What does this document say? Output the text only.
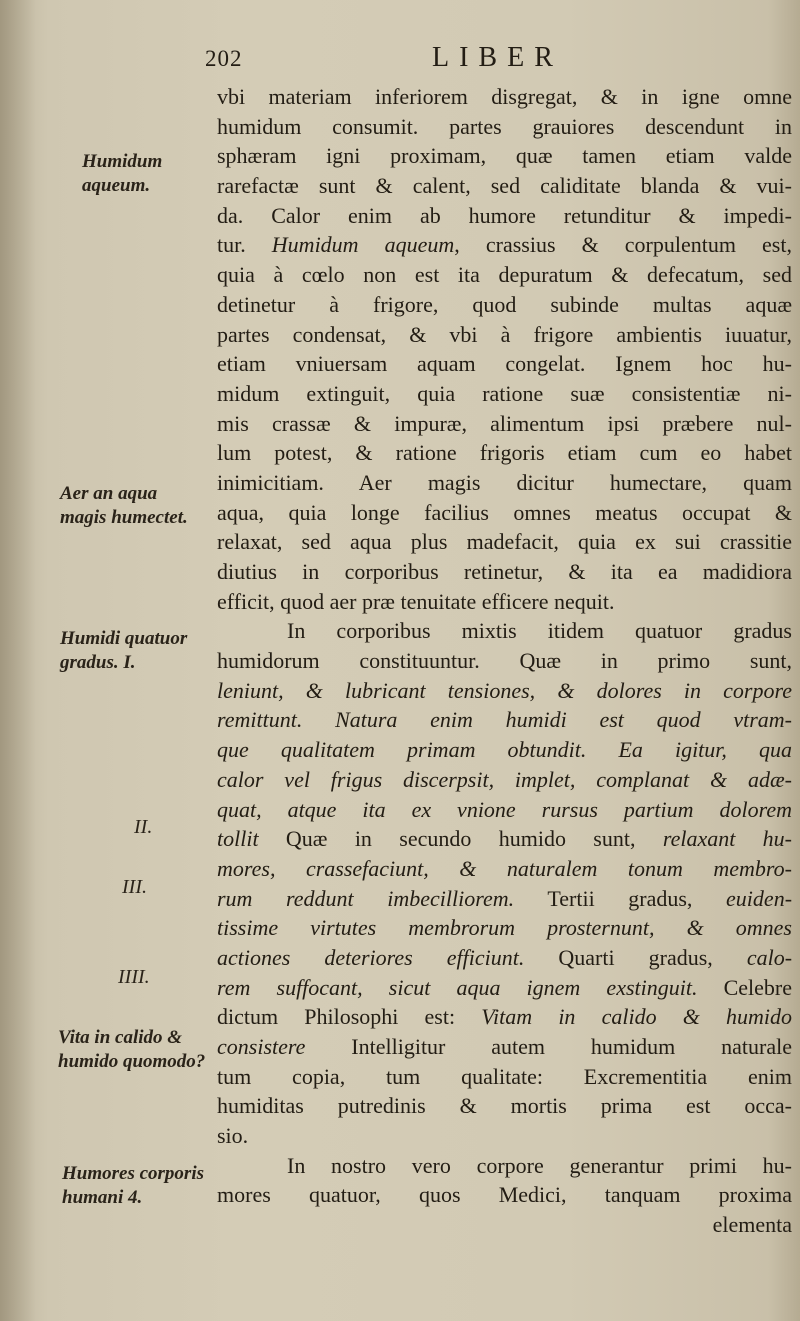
202	LIBER
Humidum aqueum.
Aer an aqua magis humectet.
Humidi quatuor gradus. I.
II.
III.
IIII.
Vita in calido & humido quomodo?
Humores corporis humani 4.
vbi materiam inferiorem disgregat, & in igne omne
humidum consumit. partes grauiores descendunt in
sphæram igni proximam, quæ tamen etiam valde
rarefactæ sunt & calent, sed caliditate blanda & vui-
da. Calor enim ab humore retunditur & impedi-
tur. Humidum aqueum, crassius & corpulentum est,
quia à cœlo non est ita depuratum & defecatum, sed
detinetur à frigore, quod subinde multas aquæ
partes condensat, & vbi à frigore ambientis iuuatur,
etiam vniuersam aquam congelat. Ignem hoc hu-
midum extinguit, quia ratione suæ consistentiæ ni-
mis crassæ & impuræ, alimentum ipsi præbere nul-
lum potest, & ratione frigoris etiam cum eo habet
inimicitiam. Aer magis dicitur humectare, quam
aqua, quia longe facilius omnes meatus occupat &
relaxat, sed aqua plus madefacit, quia ex sui crassitie
diutius in corporibus retinetur, & ita ea madidiora
efficit, quod aer præ tenuitate efficere nequit.
In corporibus mixtis itidem quatuor gradus
humidorum constituuntur. Quæ in primo sunt,
leniunt, & lubricant tensiones, & dolores in corpore
remittunt. Natura enim humidi est quod vtram-
que qualitatem primam obtundit. Ea igitur, qua
calor vel frigus discerpsit, implet, complanat & adæ-
quat, atque ita ex vnione rursus partium dolorem
tollit Quæ in secundo humido sunt, relaxant hu-
mores, crassefaciunt, & naturalem tonum membro-
rum reddunt imbecilliorem. Tertii gradus, euiden-
tissime virtutes membrorum prosternunt, & omnes
actiones deteriores efficiunt. Quarti gradus, calo-
rem suffocant, sicut aqua ignem exstinguit. Celebre
dictum Philosophi est: Vitam in calido & humido
consistere Intelligitur autem humidum naturale
tum copia, tum qualitate: Excrementitia enim
humiditas putredinis & mortis prima est occa-
sio.
In nostro vero corpore generantur primi hu-
mores quatuor, quos Medici, tanquam proxima
elementa
